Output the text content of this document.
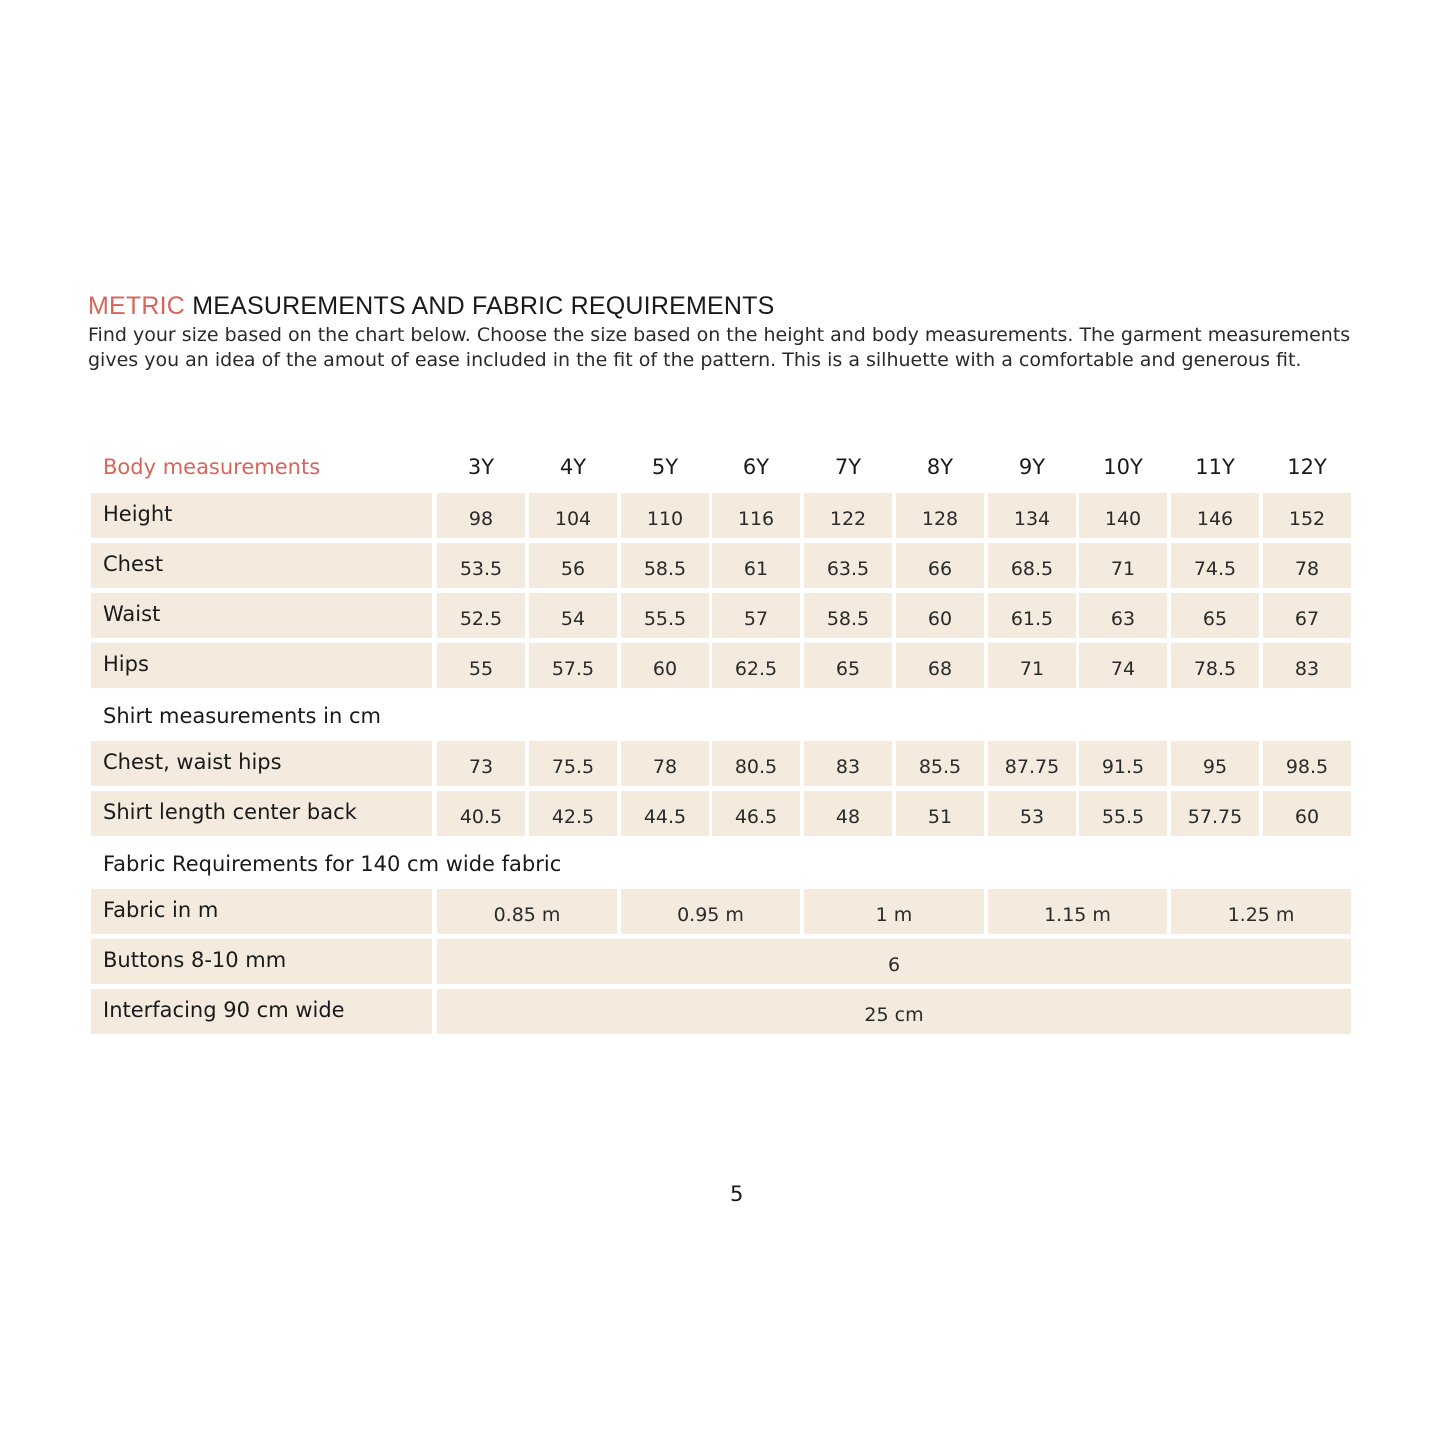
METRIC MEASUREMENTS AND FABRIC REQUIREMENTS

Find your size based on the chart below. Choose the size based on the height and body measurements. The garment measurements

gives you an idea of the amout of ease included in the fit of the pattern. This is a silhuette with a comfortable and generous fit.

Body measurements	3Y	4Y	5Y	6Y	7Y	8Y	9Y	10Y	11Y	12Y
Height	98	104	110	116	122	128	134	140	146	152
Chest	53.5	56	58.5	61	63.5	66	68.5	71	74.5	78
Waist	52.5	54	55.5	57	58.5	60	61.5	63	65	67
Hips	55	57.5	60	62.5	65	68	71	74	78.5	83
Shirt measurements in cm
Chest, waist hips	73	75.5	78	80.5	83	85.5	87.75	91.5	95	98.5
Shirt length center back	40.5	42.5	44.5	46.5	48	51	53	55.5	57.75	60
Fabric Requirements for 140 cm wide fabric
Fabric in m	0.85 m	0.95 m	1 m	1.15 m	1.25 m
Buttons 8-10 mm	6
Interfacing 90 cm wide	25 cm
5
